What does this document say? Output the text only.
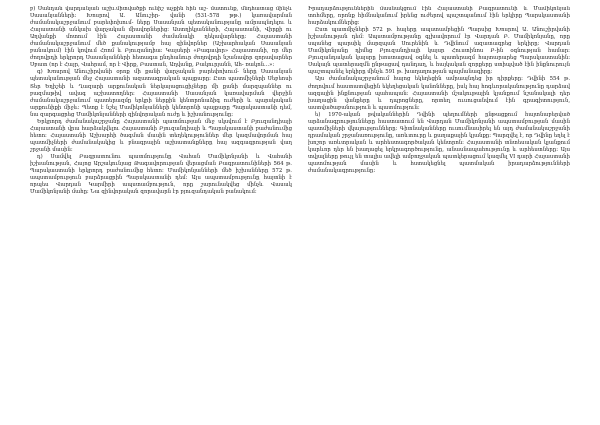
բ) Սանդան վարդանյան աշխ.միտվածքի ունիշ աչքին հին աշ- մատունք, մնդհատաց մինչև Սասանյանների։ Խոսրով Ա. Անուշիր- վանի (531-578 թթ.) կառավարման ժամանակաշրջանում բարեփոխում- ները Սասանյան պետականությանը ամրապնդելու և Հայաստանի անկախ վարչական միավորներից։ Աստղիկյանների, Հայաստանի, Վիրքի ու Աղվանքի մոտում էին Հայաստանի ժամանակի ղեկավարները։ Հայաստանի ժամանակաշրջանում մեծ քանակությամբ հայ զինվորներ (Աշխարհական Սասանյան բանակում) էին կռվում Հռոմ և Բյուզանդիա։ Կայսերի «Բագավոր» Հայաստանի, որ մեր ժողովրդի երկրորդ Սասանյանների հետագա ընդհանուր ժողովրդի նշանավոր զորավարներ Սբատ (որ է Հայր, Վահրամ, որ է Վիրք, Բաստան, Աղվանք, Բակուրյանն, Ահ- ռակոն...»:

գ) Խոսրով Անուշիրվանի օրոք մի քանի վարչական բարեփոխում- ները Սասանյան պետականության մեջ Հայաստանի ազատագրական պայքարը։ Ըստ պատմիչների Սեբեոսի Տեր Եղիշեի և Ղազարի արքունական ներկայացուցիչները մի քանի մարզպաններ ու բազմաթիվ ավագ աշխատողներ։ Հայաստանի Սասանյան կառավարման վերջին ժամանակաշրջանում պատերազմը երկրի ներքին կենտրոնաձիգ ուժերի և պարսկական արքունիքի միջև։ Պետք է նշել Մամիկոնյանների կենտրոնի պայքարը Պարսկաստանի դեմ, նա զարգացրեց Մամիկոնյանների զինվորական ուժը և իշխանությունը։

Երկրորդ ժամանակաշրջանը Հայաստանի պատմության մեջ սկսվում է Բյուզանդիայի Հայաստանի վրա հարձակվելու Հայաստանի Բյուզանդիայի և Պարսկաստանի բաժանումից հետո։ Հայաստանի Աշխարհի ծագման մասին տեղեկություններ մեր կազմավորման հայ պատմիչների ժամանակակից և բնագրային աշխատանքները հայ ազգագրության վաղ շրջանի մասին։

դ) Սամվել Բագրատունու պատմությունը Վահան Մամիկոնյանի և Վահանի իշխանության, Հայոց Արշակունյաց Թագավորության վերացման Բագրատունիների 564 թ. Պարսկաստանի երկրորդ բաժանումից հետո։ Մամիկոնյանների մեծ իշխանները 572 թ. ապստամբություն բարձրացրին Պարսկաստանի դեմ։ Այս ապստամբությունը հայտնի է որպես Վարդան Կարմիրի ապստամբություն, որը շարունակվեց մինչև Վասակ Մամիկոնյանի մահը։ Նա զինվորական զորավարն էր բյուզանդական բանակում։

Իրադարձություններին մասնակցում էին Հայաստանի Բագրատունի և Մամիկոնյան տոհմերը, որոնք հիմնականում իրենց ուժերով պաշտպանում էին երկիրը Պարսկաստանի հարձակումներից։

Ըստ պատմիչների 572 թ. հայերը ապստամբեցին Պարսից Խոսրով Ա. Անուշիրվանի իշխանության դեմ։ Ապստամբությանը գլխավորում էր Վարդան Բ. Մամիկոնյանը, որը սպանեց պարսիկ մարզպան Սուրենին և Դվինում ազատագրեց երկիրը։ Վարդան Մամիկոնյանը դիմեց Բյուզանդիայի կայսր Հուստինոս Բ-ին օգնության համար։ Բյուզանդական կայսրը խոստացավ օգնել և պատերազմ հայտարարեց Պարսկաստանին։ Սակայն պատերազմն ընթացավ դանդաղ, և հայկական զորքերը ստիպված էին ինքնուրույն պաշտպանել երկիրը մինչև 591 թ. խաղաղության պայմանագիրը։

Այս ժամանակաշրջանում հայոց եկեղեցին ամրապնդեց իր դիրքերը։ Դվինի 554 թ. ժողովում հաստատվեցին եկեղեցական կանոնները, իսկ հայ հոգևորականությունը դարձավ ազգային ինքնության պահապան։ Հայաստանի մշակութային կյանքում նշանակալի դեր խաղացին վանքերը և դպրոցները, որտեղ ուսուցանվում էին գրագիտություն, աստվածաբանություն և պատմություն։

ե) 1970-ական թվականներին Դվինի պեղումների ընթացքում հայտնաբերված արձանագրությունները հաստատում են Վարդան Մամիկոնյանի ապստամբության մասին պատմիչների վկայությունները։ Գիտնականները ուսումնասիրել են այդ ժամանակաշրջանի դրամական շրջանառությունը, առևտուրը և քաղաքային կյանքը։ Պարզվել է, որ Դվինը եղել է խոշոր առևտրական և արհեստագործական կենտրոն։ Հայաստանի տնտեսական կյանքում կարևոր դեր են խաղացել երկրագործությունը, անասնապահությունը և արհեստները։ Այս տվյալները թույլ են տալիս ավելի ամբողջական պատկերացում կազմել VI դարի Հայաստանի պատմության մասին և հստակեցնել պատմական իրադարձությունների ժամանակագրությունը։
